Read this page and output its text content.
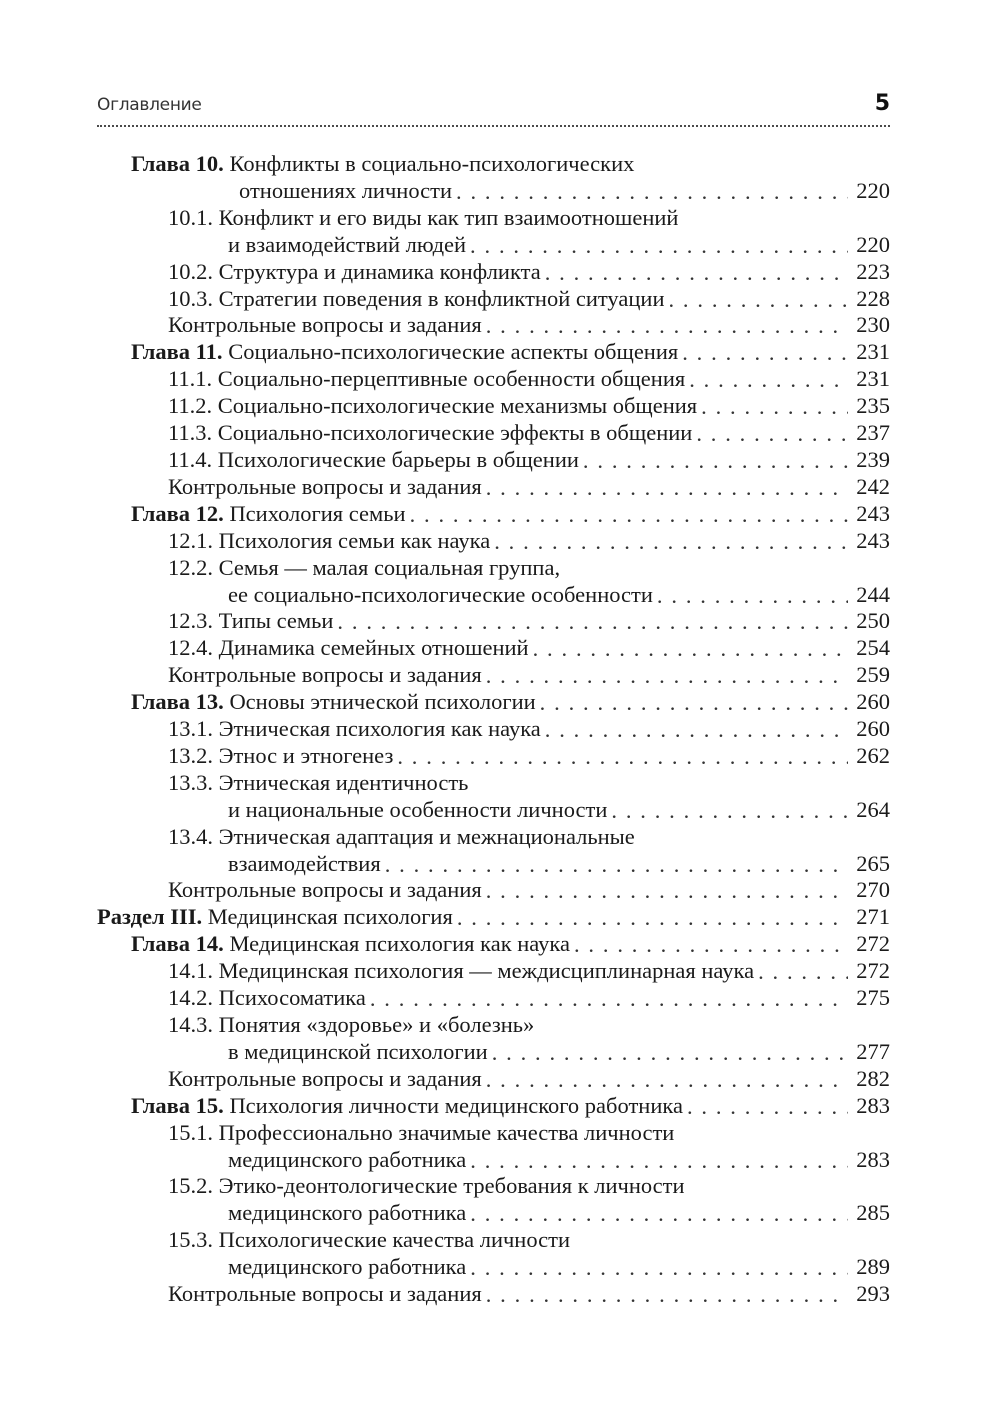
Оглавление	5
Глава 10.
Конфликты в социально-психологических
отношениях личности . . .	220
10.1.
Конфликт и его виды как тип взаимоотношений
и взаимодействий людей . . .	220
10.2.
Структура и динамика конфликта . . .	223
10.3.
Стратегии поведения в конфликтной ситуации . . .	228
Контрольные вопросы и задания . . .	230
Глава 11.
Социально-психологические аспекты общения . . .	231
11.1.
Социально-перцептивные особенности общения . . .	231
11.2.
Социально-психологические механизмы общения . . .	235
11.3.
Социально-психологические эффекты в общении . . .	237
11.4.
Психологические барьеры в общении . . .	239
Контрольные вопросы и задания . . .	242
Глава 12.
Психология семьи . . .	243
12.1.
Психология семьи как наука . . .	243
12.2.
Семья — малая социальная группа,
ее социально-психологические особенности . . .	244
12.3.
Типы семьи . . .	250
12.4.
Динамика семейных отношений . . .	254
Контрольные вопросы и задания . . .	259
Глава 13.
Основы этнической психологии . . .	260
13.1.
Этническая психология как наука . . .	260
13.2.
Этнос и этногенез . . .	262
13.3.
Этническая идентичность
и национальные особенности личности . . .	264
13.4.
Этническая адаптация и межнациональные
взаимодействия . . .	265
Контрольные вопросы и задания . . .	270
Раздел III.
Медицинская психология . . .	271
Глава 14.
Медицинская психология как наука . . .	272
14.1.
Медицинская психология — междисциплинарная наука . . .	272
14.2.
Психосоматика . . .	275
14.3.
Понятия «здоровье» и «болезнь»
в медицинской психологии . . .	277
Контрольные вопросы и задания . . .	282
Глава 15.
Психология личности медицинского работника . . .	283
15.1.
Профессионально значимые качества личности
медицинского работника . . .	283
15.2.
Этико-деонтологические требования к личности
медицинского работника . . .	285
15.3.
Психологические качества личности
медицинского работника . . .	289
Контрольные вопросы и задания . . .	293
